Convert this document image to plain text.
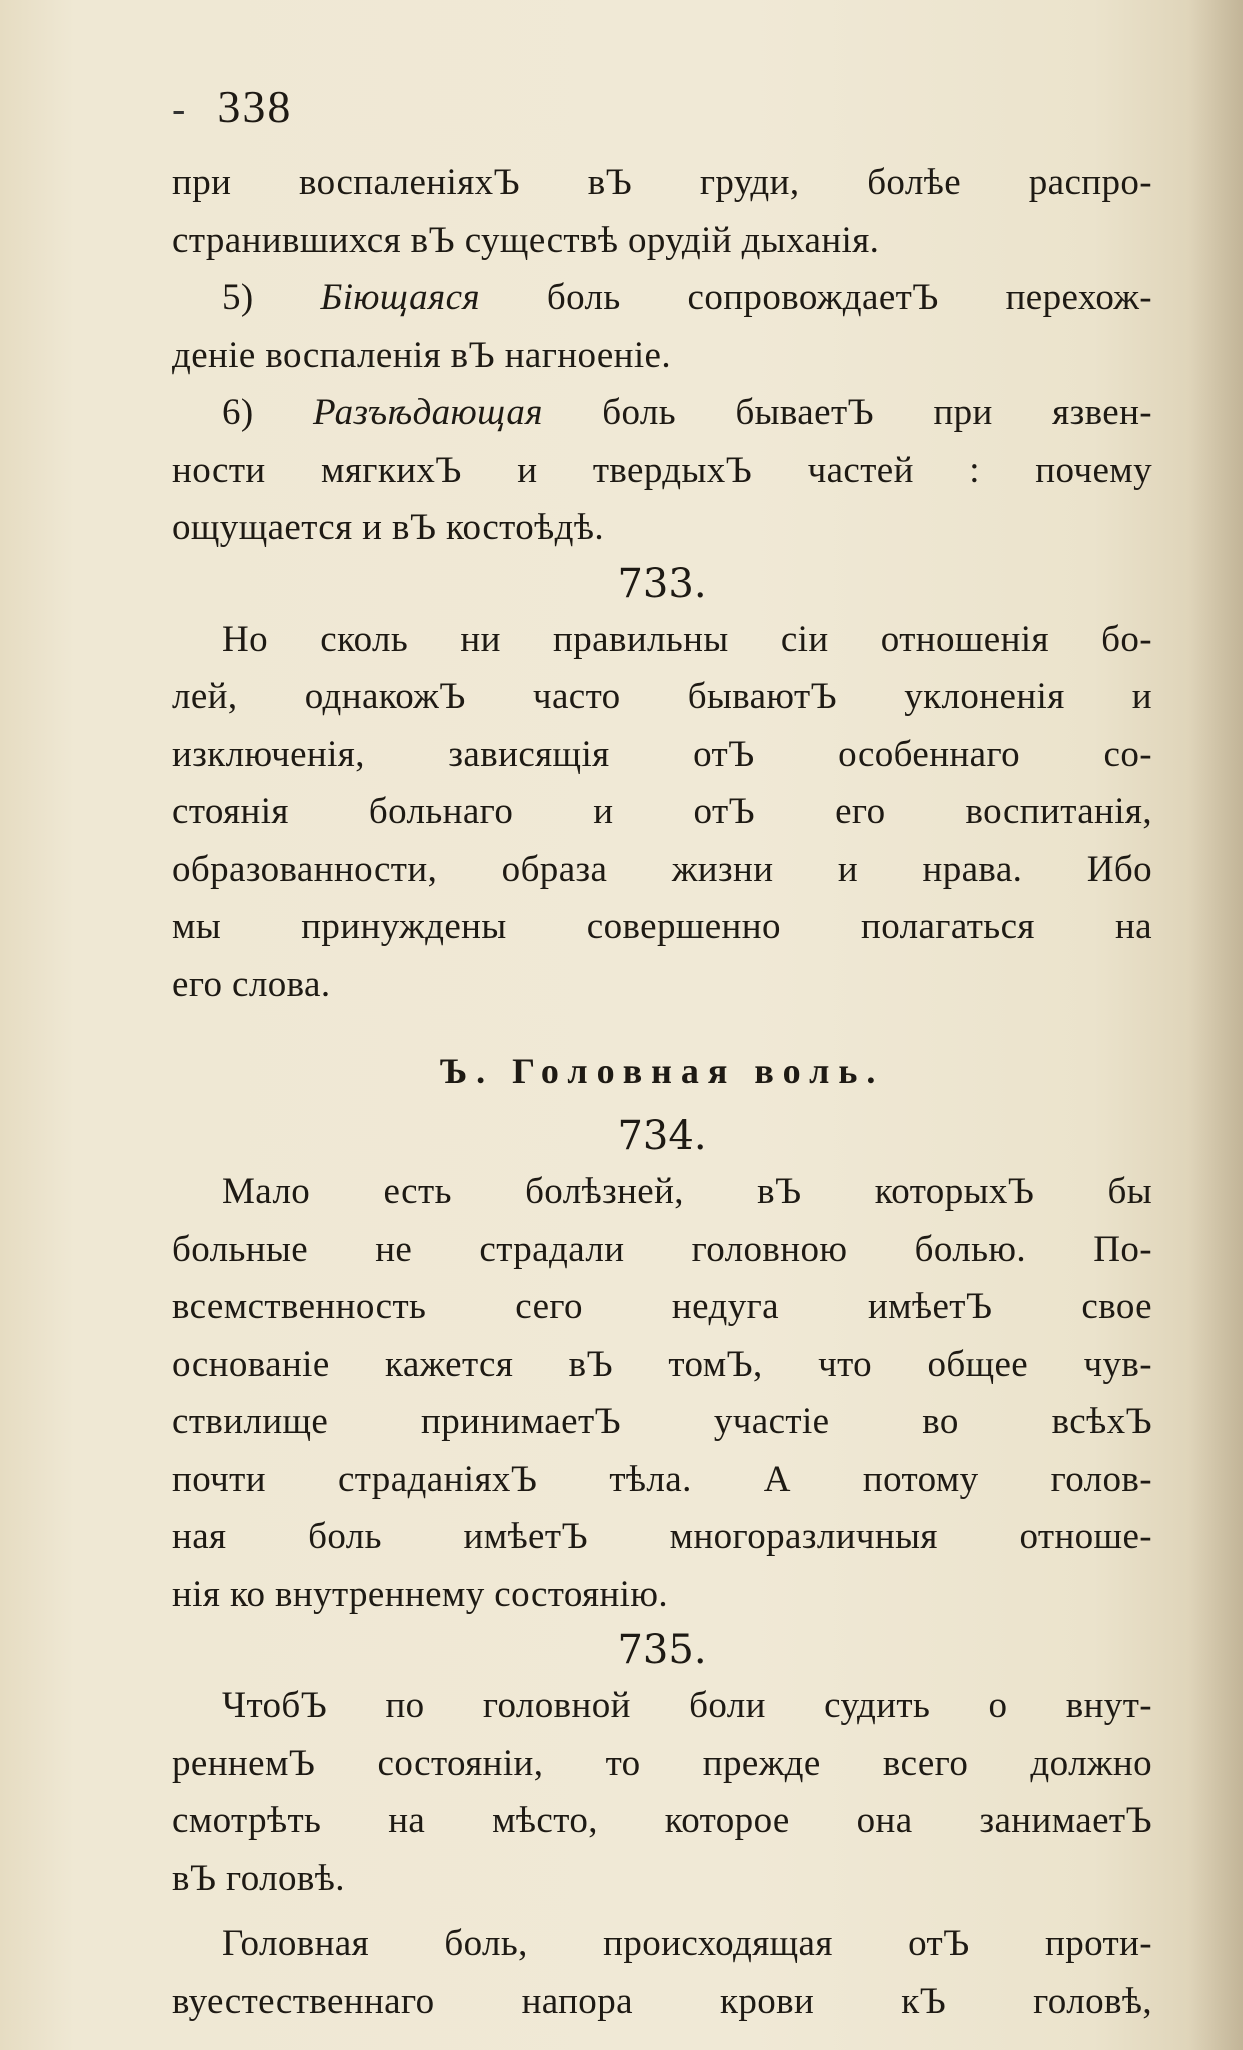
- 338

при воспаленіяхЪ вЪ груди, болѣе распро-
странившихся вЪ существѣ орудій дыханія.

5) Біющаяся боль сопровождаетЪ перехож-
деніе воспаленія вЪ нагноеніе.

6) Разъѣдающая боль бываетЪ при язвен-
ности мягкихЪ и твердыхЪ частей : почему
ощущается и вЪ костоѣдѣ.

733.

Но сколь ни правильны сіи отношенія бо-
лей, однакожЪ часто бываютЪ уклоненія и
изключенія, зависящія отЪ особеннаго со-
стоянія больнаго и отЪ его воспитанія,
образованности, образа жизни и нрава. Ибо
мы принуждены совершенно полагаться на
его слова.

Ъ. Головная воль.
734.

Мало есть болѣзней, вЪ которыхЪ бы
больные не страдали головною болью. По-
всемственность сего недуга имѣетЪ свое
основаніе кажется вЪ томЪ, что общее чув-
ствилище принимаетЪ участіе во всѣхЪ
почти страданіяхЪ тѣла. А потому голов-
ная боль имѣетЪ многоразличныя отноше-
нія ко внутреннему состоянію.

735.

ЧтобЪ по головной боли судить о внут-
реннемЪ состояніи, то прежде всего должно
смотрѣть на мѣсто, которое она занимаетЪ
вЪ головѣ.

Головная боль, происходящая отЪ проти-
вуестественнаго напора крови кЪ головѣ,
